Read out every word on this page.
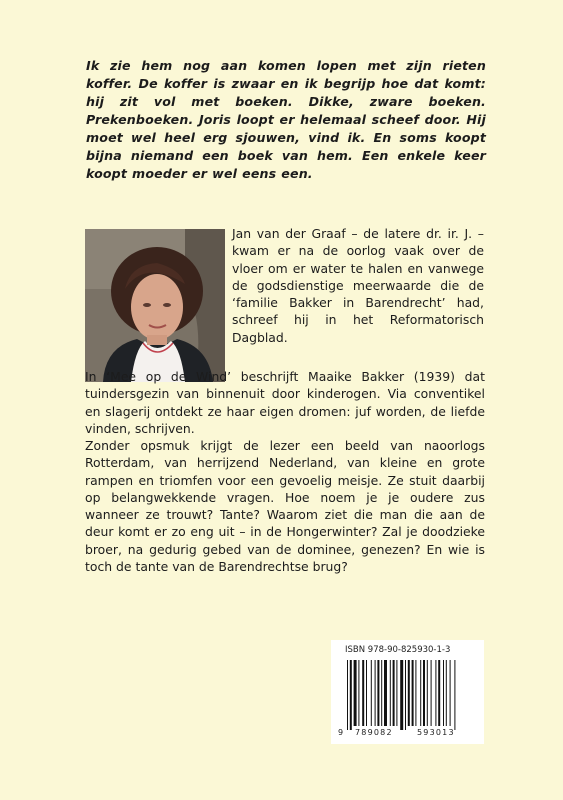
Ik zie hem nog aan komen lopen met zijn rieten koffer. De koffer is zwaar en ik begrijp hoe dat komt: hij zit vol met boeken. Dikke, zware boeken. Prekenboeken. Joris loopt er helemaal scheef door. Hij moet wel heel erg sjouwen, vind ik. En soms koopt bijna niemand een boek van hem. Een enkele keer koopt moeder er wel eens een.

Jan van der Graaf – de latere dr. ir. J. – kwam er na de oorlog vaak over de vloer om er water te halen en vanwege de godsdienstige meerwaarde die de ‘familie Bakker in Barendrecht’ had, schreef hij in het Reformatorisch Dagblad.

In ‘Mee op de Wind’ beschrijft Maaike Bakker (1939) dat tuindersgezin van binnenuit door kinderogen. Via conventikel en slagerij ontdekt ze haar eigen dromen: juf worden, de liefde vinden, schrijven.

Zonder opsmuk krijgt de lezer een beeld van naoorlogs Rotterdam, van herrijzend Nederland, van kleine en grote rampen en triomfen voor een gevoelig meisje. Ze stuit daarbij op belangwekkende vragen. Hoe noem je je oudere zus wanneer ze trouwt? Tante? Waarom ziet die man die aan de deur komt er zo eng uit – in de Hongerwinter? Zal je doodzieke broer, na gedurig gebed van de dominee, genezen? En wie is toch de tante van de Barendrechtse brug?

ISBN 978-90-825930-1-3
9 789082	593013
